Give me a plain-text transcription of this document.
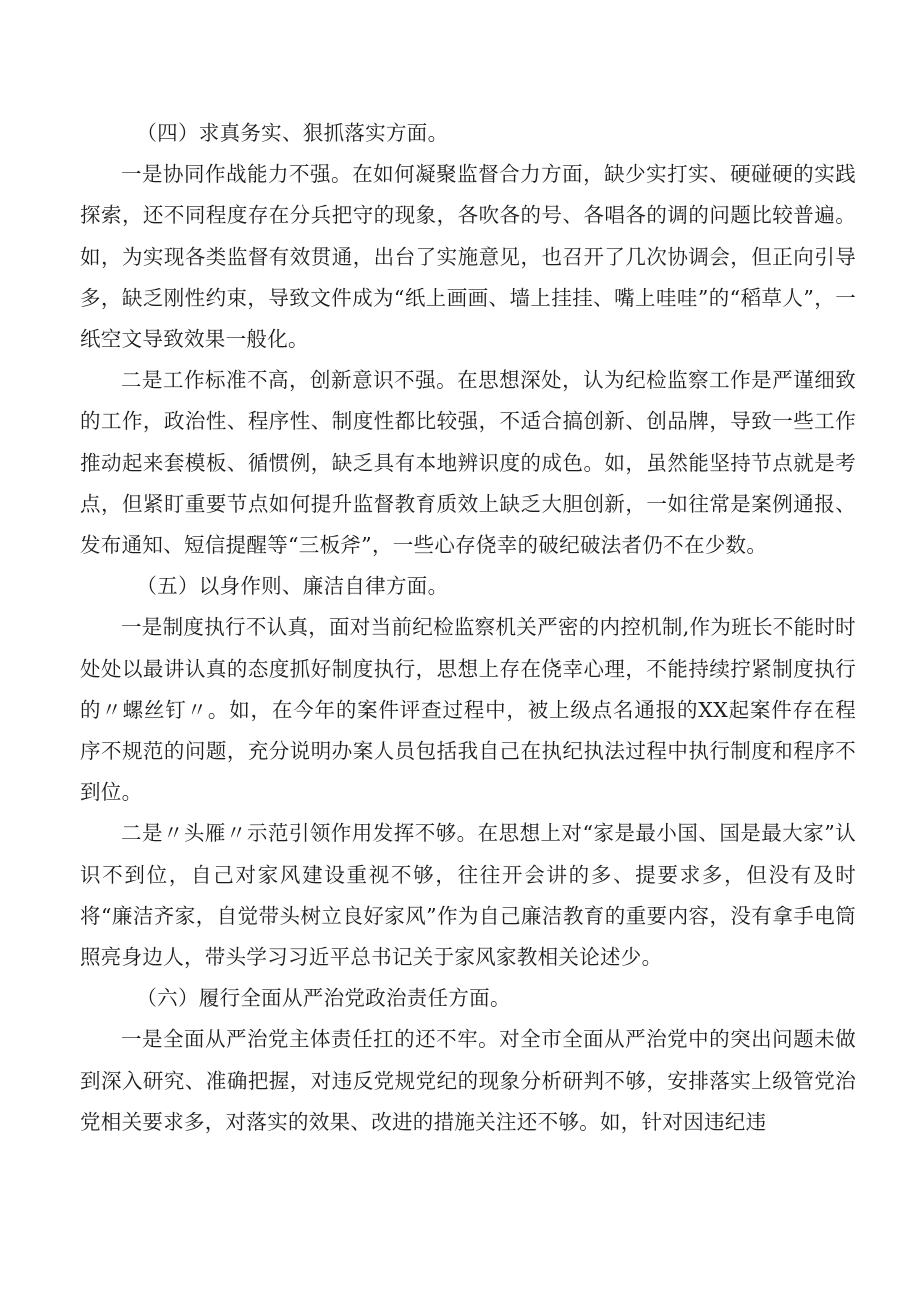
（四）求真务实、狠抓落实方面。

一是协同作战能力不强。在如何凝聚监督合力方面，缺少实打实、硬碰硬的实践探索，还不同程度存在分兵把守的现象，各吹各的号、各唱各的调的问题比较普遍。如，为实现各类监督有效贯通，出台了实施意见，也召开了几次协调会，但正向引导多，缺乏刚性约束，导致文件成为“纸上画画、墙上挂挂、嘴上哇哇”的“稻草人”，一纸空文导致效果一般化。

二是工作标准不高，创新意识不强。在思想深处，认为纪检监察工作是严谨细致的工作，政治性、程序性、制度性都比较强，不适合搞创新、创品牌，导致一些工作推动起来套模板、循惯例，缺乏具有本地辨识度的成色。如，虽然能坚持节点就是考点，但紧盯重要节点如何提升监督教育质效上缺乏大胆创新，一如往常是案例通报、发布通知、短信提醒等“三板斧”，一些心存侥幸的破纪破法者仍不在少数。

（五）以身作则、廉洁自律方面。

一是制度执行不认真，面对当前纪检监察机关严密的内控机制,作为班长不能时时处处以最讲认真的态度抓好制度执行，思想上存在侥幸心理，不能持续拧紧制度执行的〃螺丝钉〃。如，在今年的案件评查过程中，被上级点名通报的XX起案件存在程序不规范的问题，充分说明办案人员包括我自己在执纪执法过程中执行制度和程序不到位。

二是〃头雁〃示范引领作用发挥不够。在思想上对“家是最小国、国是最大家”认识不到位，自己对家风建设重视不够，往往开会讲的多、提要求多，但没有及时将“廉洁齐家，自觉带头树立良好家风”作为自己廉洁教育的重要内容，没有拿手电筒照亮身边人，带头学习习近平总书记关于家风家教相关论述少。

（六）履行全面从严治党政治责任方面。

一是全面从严治党主体责任扛的还不牢。对全市全面从严治党中的突出问题未做到深入研究、准确把握，对违反党规党纪的现象分析研判不够，安排落实上级管党治党相关要求多，对落实的效果、改进的措施关注还不够。如，针对因违纪违
